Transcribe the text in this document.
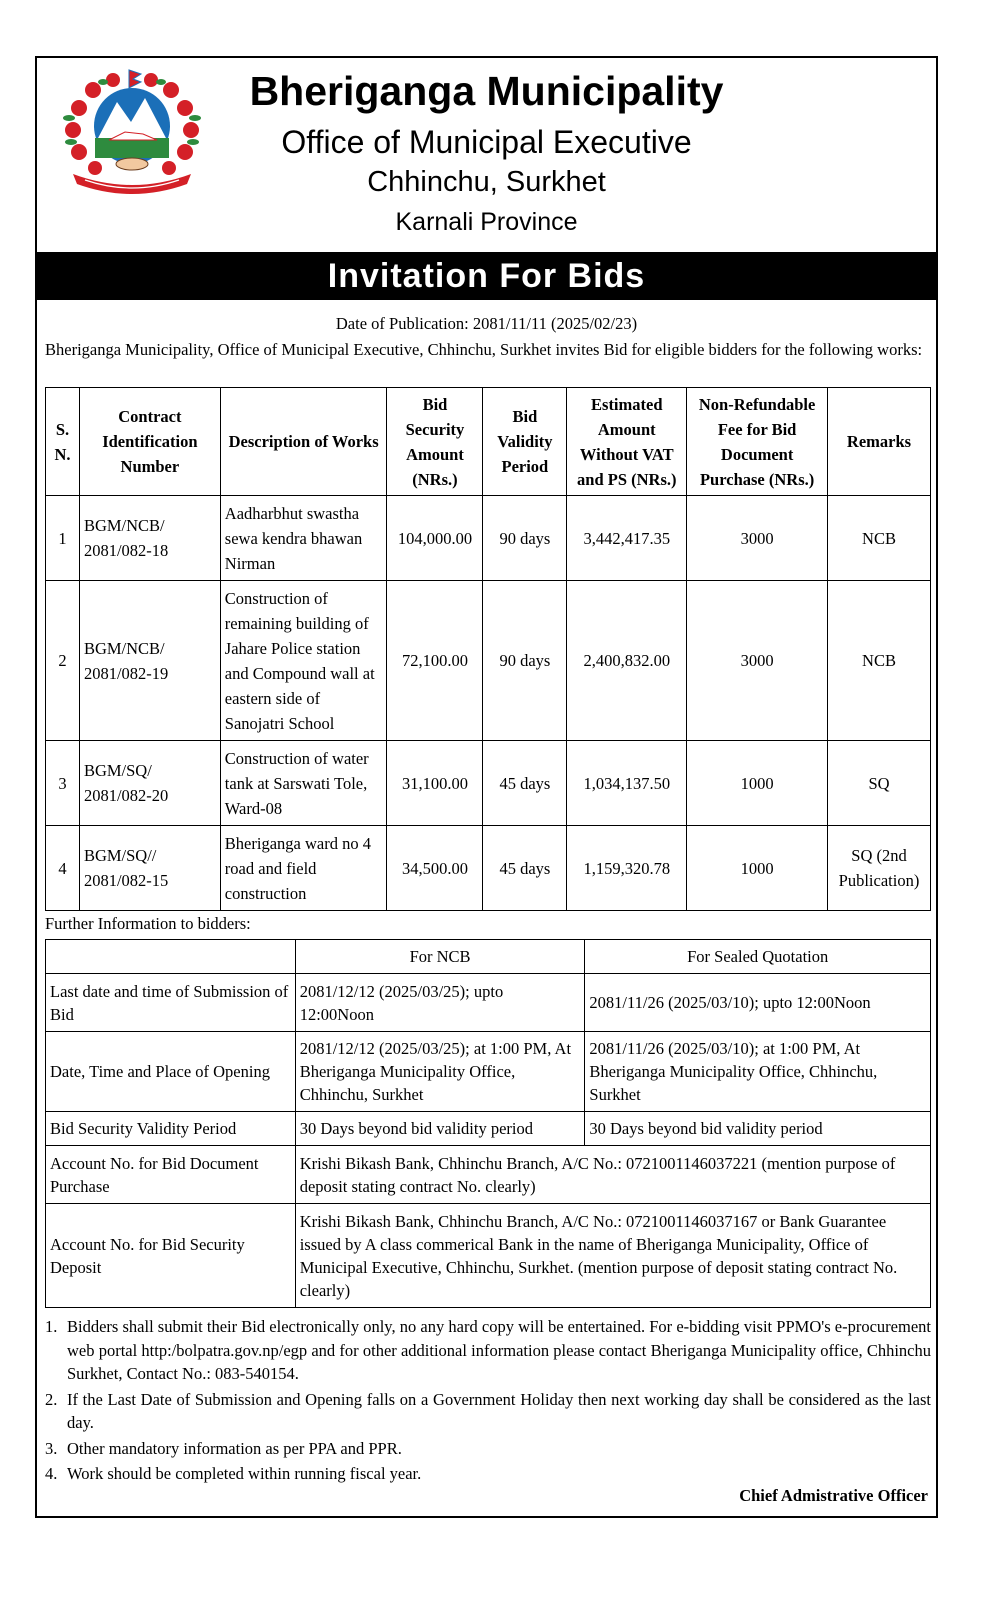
Bheriganga Municipality
Office of Municipal Executive
Chhinchu, Surkhet
Karnali Province
Invitation For Bids
Date of Publication: 2081/11/11 (2025/02/23)
Bheriganga Municipality, Office of Municipal Executive, Chhinchu, Surkhet invites Bid for eligible bidders for the following works:
S. N.	Contract Identification Number	Description of Works	Bid Security Amount (NRs.)	Bid Validity Period	Estimated Amount Without VAT and PS (NRs.)	Non-Refundable Fee for Bid Document Purchase (NRs.)	Remarks
1	BGM/NCB/ 2081/082-18	Aadharbhut swastha sewa kendra bhawan Nirman	104,000.00	90 days	3,442,417.35	3000	NCB
2	BGM/NCB/ 2081/082-19	Construction of remaining building of Jahare Police station and Compound wall at eastern side of Sanojatri School	72,100.00	90 days	2,400,832.00	3000	NCB
3	BGM/SQ/ 2081/082-20	Construction of water tank at Sarswati Tole, Ward-08	31,100.00	45 days	1,034,137.50	1000	SQ
4	BGM/SQ// 2081/082-15	Bheriganga ward no 4 road and field construction	34,500.00	45 days	1,159,320.78	1000	SQ (2nd Publication)
Further Information to bidders:
	For NCB	For Sealed Quotation
Last date and time of Submission of Bid	2081/12/12 (2025/03/25); upto 12:00Noon	2081/11/26 (2025/03/10); upto 12:00Noon
Date, Time and Place of Opening	2081/12/12 (2025/03/25); at 1:00 PM, At Bheriganga Municipality Office, Chhinchu, Surkhet	2081/11/26 (2025/03/10); at 1:00 PM, At Bheriganga Municipality Office, Chhinchu, Surkhet
Bid Security Validity Period	30 Days beyond bid validity period	30 Days beyond bid validity period
Account No. for Bid Document Purchase	Krishi Bikash Bank, Chhinchu Branch, A/C No.: 0721001146037221 (mention purpose of deposit stating contract No. clearly)	
Account No. for Bid Security Deposit	Krishi Bikash Bank, Chhinchu Branch, A/C No.: 0721001146037167 or Bank Guarantee issued by A class commerical Bank in the name of Bheriganga Municipality, Office of Municipal Executive, Chhinchu, Surkhet. (mention purpose of deposit stating contract No. clearly)	
1. Bidders shall submit their Bid electronically only, no any hard copy will be entertained. For e-bidding visit PPMO's e-procurement web portal http:/bolpatra.gov.np/egp and for other additional information please contact Bheriganga Municipality office, Chhinchu Surkhet, Contact No.: 083-540154.
2. If the Last Date of Submission and Opening falls on a Government Holiday then next working day shall be considered as the last day.
3. Other mandatory information as per PPA and PPR.
4. Work should be completed within running fiscal year.
Chief Admistrative Officer
